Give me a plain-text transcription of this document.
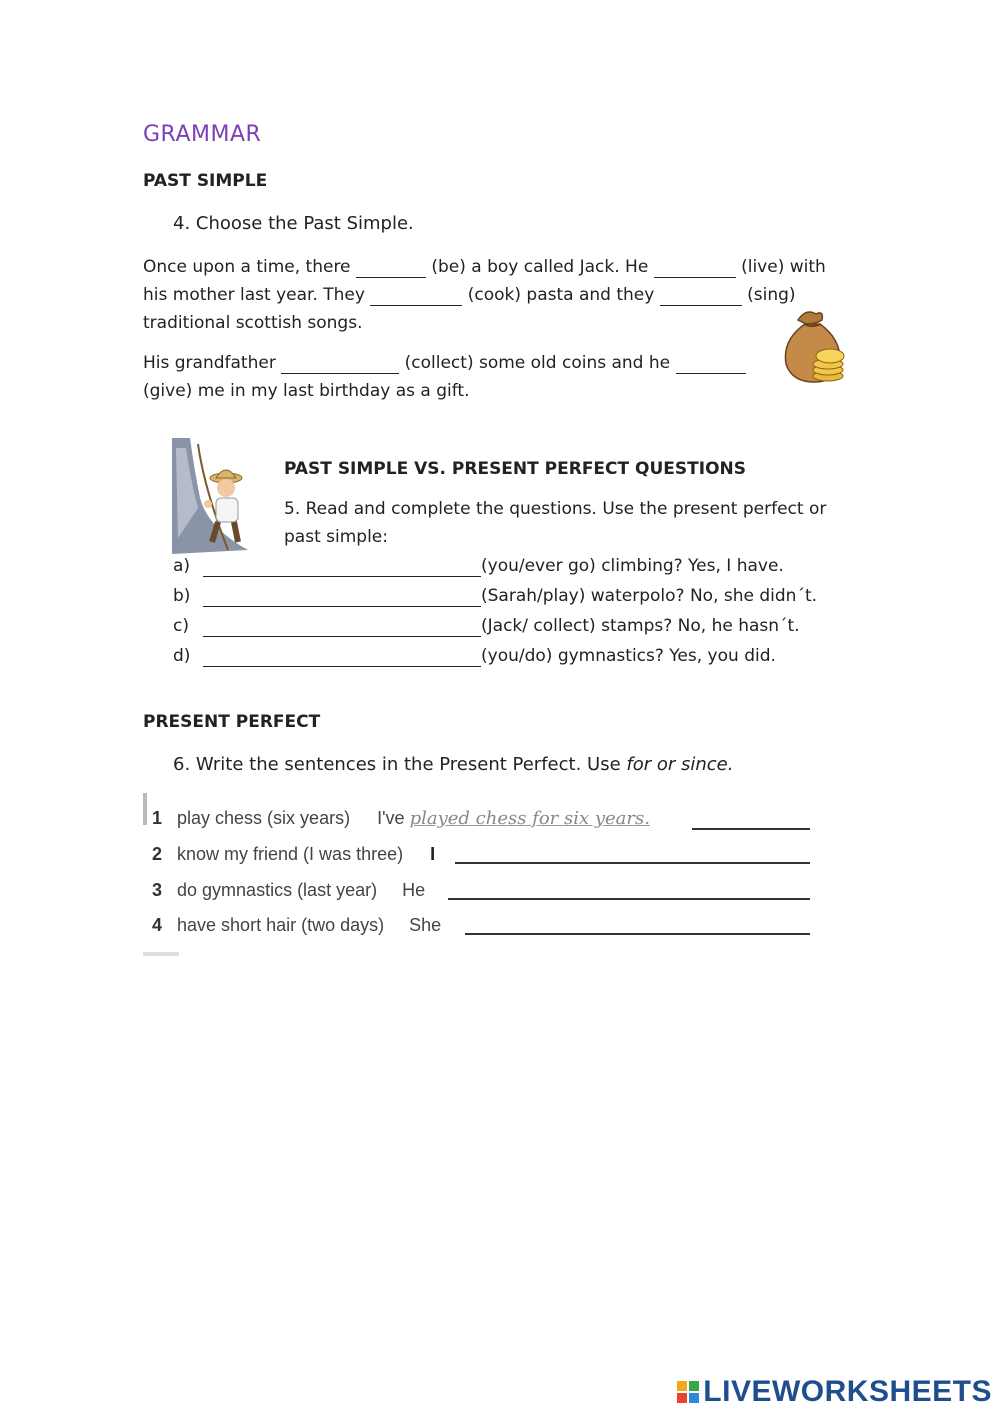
GRAMMAR
PAST SIMPLE
4. Choose the Past Simple.
Once upon a time, there	(be) a boy called Jack. He	(live) with
his mother last year. They	(cook) pasta and they	(sing)
traditional scottish songs.
His grandfather	(collect) some old coins and he
(give) me in my last birthday as a gift.
PAST SIMPLE VS. PRESENT PERFECT QUESTIONS
5. Read and complete the questions. Use the present perfect or
past simple:
a)	(you/ever go) climbing? Yes, I have.
b)	(Sarah/play) waterpolo? No, she didn´t.
c)	(Jack/ collect) stamps? No, he hasn´t.
d)	(you/do) gymnastics? Yes, you did.
PRESENT PERFECT
6. Write the sentences in the Present Perfect. Use for or since.
1 play chess (six years) I've played chess for six years.
2 know my friend (I was three) I
3 do gymnastics (last year) He
4 have short hair (two days) She
LIVEWORKSHEETS
